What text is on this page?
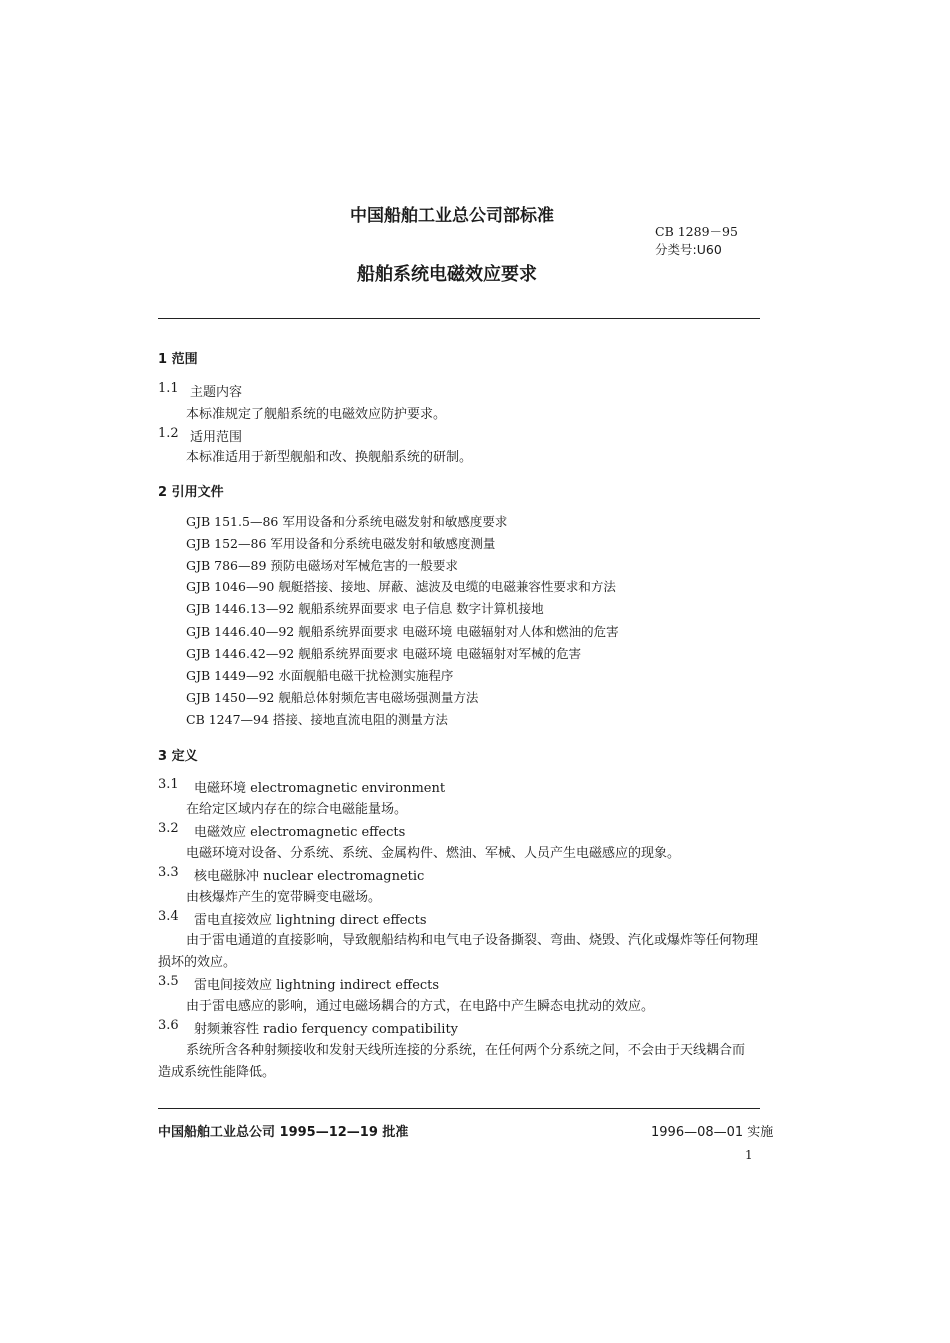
中国船舶工业总公司部标准
CB 1289－95
分类号:U60
船舶系统电磁效应要求
1 范围
1.1 主题内容
本标准规定了舰船系统的电磁效应防护要求。
1.2 适用范围
本标准适用于新型舰船和改、换舰船系统的研制。
2 引用文件
GJB 151.5—86 军用设备和分系统电磁发射和敏感度要求
GJB 152—86 军用设备和分系统电磁发射和敏感度测量
GJB 786—89 预防电磁场对军械危害的一般要求
GJB 1046—90 舰艇搭接、接地、屏蔽、滤波及电缆的电磁兼容性要求和方法
GJB 1446.13—92 舰船系统界面要求 电子信息 数字计算机接地
GJB 1446.40—92 舰船系统界面要求 电磁环境 电磁辐射对人体和燃油的危害
GJB 1446.42—92 舰船系统界面要求 电磁环境 电磁辐射对军械的危害
GJB 1449—92 水面舰船电磁干扰检测实施程序
GJB 1450—92 舰船总体射频危害电磁场强测量方法
CB 1247—94 搭接、接地直流电阻的测量方法
3 定义
3.1 电磁环境 electromagnetic environment
在给定区域内存在的综合电磁能量场。
3.2 电磁效应 electromagnetic effects
电磁环境对设备、分系统、系统、金属构件、燃油、军械、人员产生电磁感应的现象。
3.3 核电磁脉冲 nuclear electromagnetic
由核爆炸产生的宽带瞬变电磁场。
3.4 雷电直接效应 lightning direct effects
由于雷电通道的直接影响，导致舰船结构和电气电子设备撕裂、弯曲、烧毁、汽化或爆炸等任何物理
损坏的效应。
3.5 雷电间接效应 lightning indirect effects
由于雷电感应的影响，通过电磁场耦合的方式，在电路中产生瞬态电扰动的效应。
3.6 射频兼容性 radio ferquency compatibility
系统所含各种射频接收和发射天线所连接的分系统，在任何两个分系统之间，不会由于天线耦合而
造成系统性能降低。
中国船舶工业总公司 1995—12—19 批准	1996—08—01 实施
1
